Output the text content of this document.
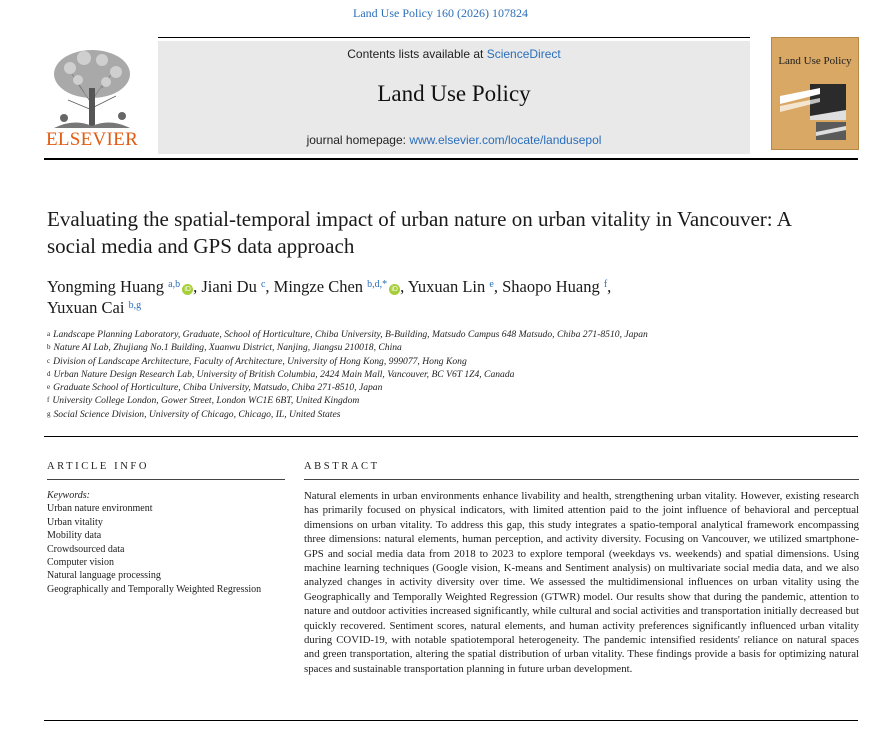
Land Use Policy 160 (2026) 107824
ELSEVIER
Contents lists available at ScienceDirect
Land Use Policy
journal homepage: www.elsevier.com/locate/landusepol
Land Use Policy
Evaluating the spatial-temporal impact of urban nature on urban vitality in Vancouver: A social media and GPS data approach
Yongming Huang $^{a,b}$ iD , Jiani Du $^c$, Mingze Chen $^{b,d,*}$ iD , Yuxuan Lin $^e$, Shaopo Huang $^f$,
Yuxuan Cai $^{b,g}$
$^a$ Landscape Planning Laboratory, Graduate, School of Horticulture, Chiba University, B-Building, Matsudo Campus 648 Matsudo, Chiba 271-8510, Japan
$^b$ Nature AI Lab, Zhujiang No.1 Building, Xuanwu District, Nanjing, Jiangsu 210018, China
$^c$ Division of Landscape Architecture, Faculty of Architecture, University of Hong Kong, 999077, Hong Kong
$^d$ Urban Nature Design Research Lab, University of British Columbia, 2424 Main Mall, Vancouver, BC V6T 1Z4, Canada
$^e$ Graduate School of Horticulture, Chiba University, Matsudo, Chiba 271-8510, Japan
$^f$ University College London, Gower Street, London WC1E 6BT, United Kingdom
$^g$ Social Science Division, University of Chicago, Chicago, IL, United States
ARTICLE INFO
Keywords:
Urban nature environment
Urban vitality
Mobility data
Crowdsourced data
Computer vision
Natural language processing
Geographically and Temporally Weighted Regression
ABSTRACT
Natural elements in urban environments enhance livability and health, strengthening urban vitality. However, existing research has primarily focused on physical indicators, with limited attention paid to the joint influence of behavioral and perceptual dimensions on urban vitality. To address this gap, this study integrates a spatio-temporal analytical framework encompassing three dimensions: natural elements, human perception, and activity diversity. Focusing on Vancouver, we utilized smartphone-GPS and social media data from 2018 to 2023 to explore temporal (weekdays vs. weekends) and spatial dimensions. Using machine learning techniques (Google vision, K-means and Sentiment analysis) on multivariate social media data, and we also analyzed changes in activity diversity over time. We assessed the multidimensional influences on urban vitality using the Geographically and Temporally Weighted Regression (GTWR) model. Our results show that during the pandemic, attention to nature and outdoor activities increased significantly, while cultural and social activities and transportation initially decreased but quickly recovered. Sentiment scores, natural elements, and human activity preferences significantly influenced urban vitality during COVID-19, with notable spatiotemporal heterogeneity. The pandemic intensified residents' reliance on natural spaces and green transportation, altering the spatial distribution of urban vitality. These findings provide a basis for optimizing natural spaces and sustainable transportation planning in future urban development.
